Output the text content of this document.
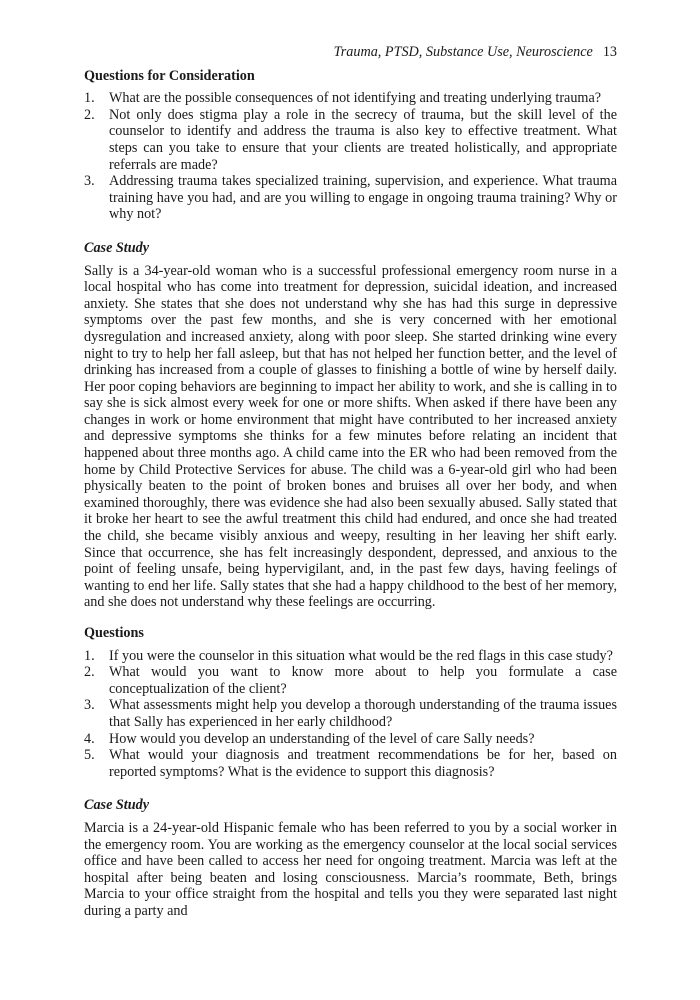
Trauma, PTSD, Substance Use, Neuroscience 13
Questions for Consideration
1. What are the possible consequences of not identifying and treating underlying trauma?
2. Not only does stigma play a role in the secrecy of trauma, but the skill level of the counselor to identify and address the trauma is also key to effective treatment. What steps can you take to ensure that your clients are treated holistically, and appropriate referrals are made?
3. Addressing trauma takes specialized training, supervision, and experience. What trauma training have you had, and are you willing to engage in ongoing trauma training? Why or why not?
Case Study

Sally is a 34-year-old woman who is a successful professional emergency room nurse in a local hospital who has come into treatment for depression, suicidal ideation, and increased anxiety. She states that she does not understand why she has had this surge in depressive symptoms over the past few months, and she is very concerned with her emotional dysregulation and increased anxiety, along with poor sleep. She started drinking wine every night to try to help her fall asleep, but that has not helped her function better, and the level of drinking has increased from a couple of glasses to finishing a bottle of wine by herself daily. Her poor coping behaviors are beginning to impact her ability to work, and she is calling in to say she is sick almost every week for one or more shifts. When asked if there have been any changes in work or home environment that might have contributed to her increased anxiety and depressive symptoms she thinks for a few minutes before relating an incident that happened about three months ago. A child came into the ER who had been removed from the home by Child Protective Services for abuse. The child was a 6-year-old girl who had been physically beaten to the point of broken bones and bruises all over her body, and when examined thoroughly, there was evidence she had also been sexually abused. Sally stated that it broke her heart to see the awful treatment this child had endured, and once she had treated the child, she became visibly anxious and weepy, resulting in her leaving her shift early. Since that occurrence, she has felt increasingly despondent, depressed, and anxious to the point of feeling unsafe, being hypervigilant, and, in the past few days, having feelings of wanting to end her life. Sally states that she had a happy childhood to the best of her memory, and she does not understand why these feelings are occurring.

Questions
1. If you were the counselor in this situation what would be the red flags in this case study?
2. What would you want to know more about to help you formulate a case conceptualization of the client?
3. What assessments might help you develop a thorough understanding of the trauma issues that Sally has experienced in her early childhood?
4. How would you develop an understanding of the level of care Sally needs?
5. What would your diagnosis and treatment recommendations be for her, based on reported symptoms? What is the evidence to support this diagnosis?
Case Study

Marcia is a 24-year-old Hispanic female who has been referred to you by a social worker in the emergency room. You are working as the emergency counselor at the local social services office and have been called to access her need for ongoing treatment. Marcia was left at the hospital after being beaten and losing consciousness. Marcia’s roommate, Beth, brings Marcia to your office straight from the hospital and tells you they were separated last night during a party and
